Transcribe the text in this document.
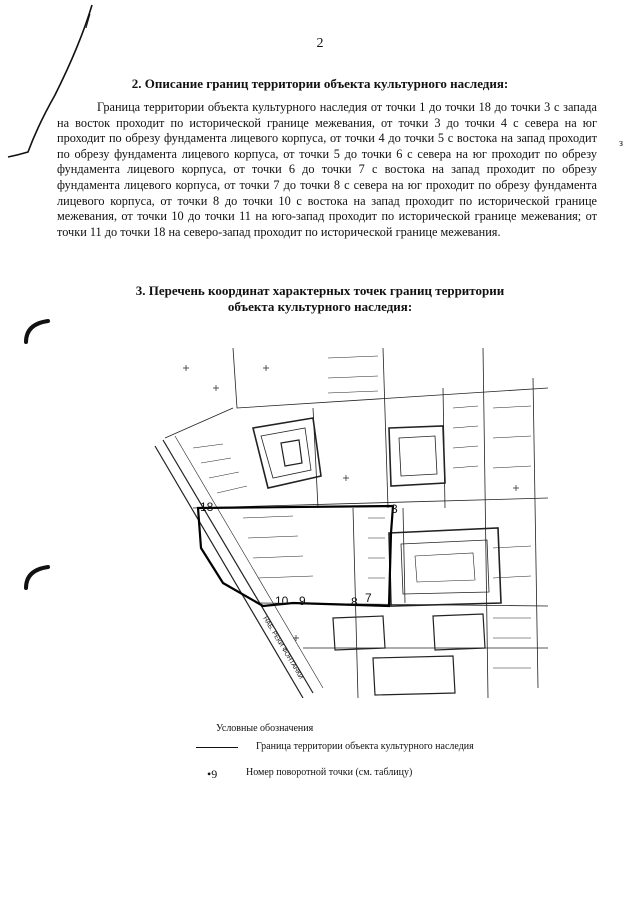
2
з
2. Описание границ территории объекта культурного наследия:
Граница территории объекта культурного наследия от точки 1 до точки 18 до точки 3 с запада на восток проходит по исторической границе межевания, от точки 3 до точки 4 с севера на юг проходит по обрезу фундамента лицевого корпуса, от точки 4 до точки 5 с востока на запад проходит по обрезу фундамента лицевого корпуса, от точки 5 до точки 6 с севера на юг проходит по обрезу фундамента лицевого корпуса, от точки 6 до точки 7 с востока на запад проходит по обрезу фундамента лицевого корпуса, от точки 7 до точки 8 с севера на юг проходит по обрезу фундамента лицевого корпуса, от точки 8 до точки 10 с востока на запад проходит по исторической границе межевания, от точки 10 до точки 11 на юго-запад проходит по исторической границе межевания; от точки 11 до точки 18 на северо-запад проходит по исторической границе межевания.
3. Перечень координат характерных точек границ территории
объекта культурного наследия:
18	3
10 9	8 7
НАБ. РЕКИ ФОНТАНКИ
Условные обозначения
Граница территории объекта культурного наследия
•9	Номер поворотной точки (см. таблицу)
